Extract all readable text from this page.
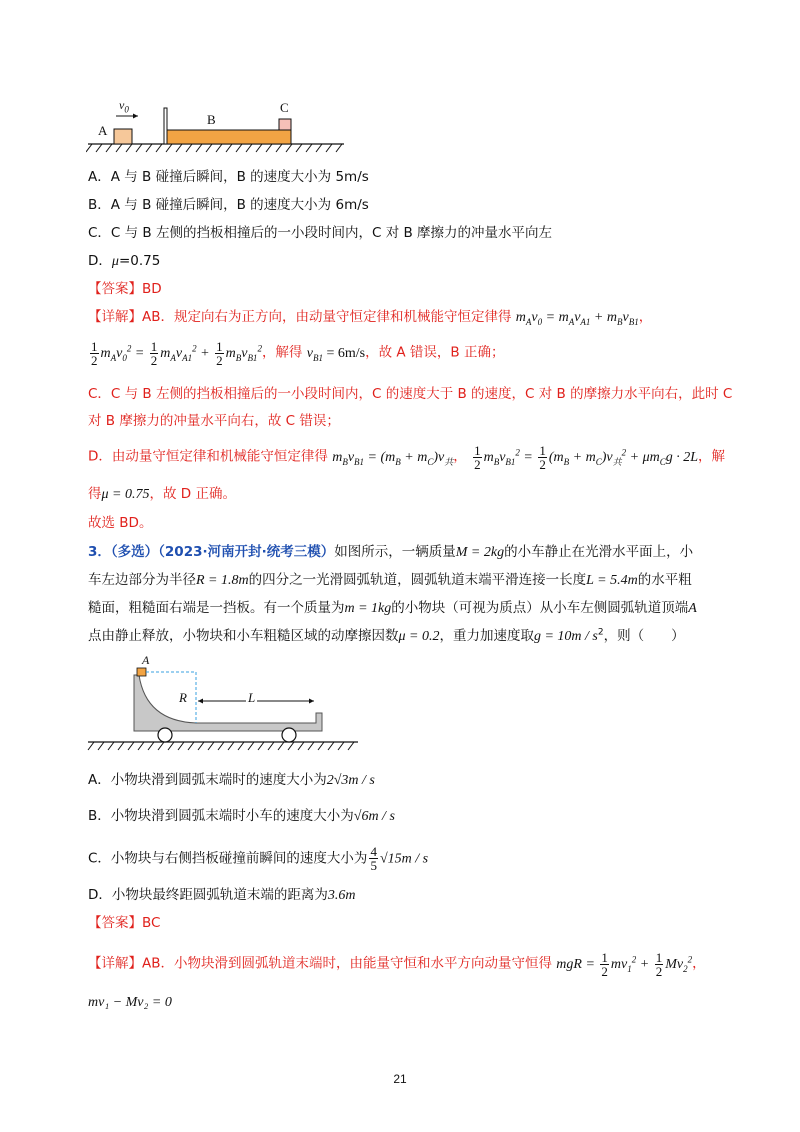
$v_0$
A
B
C
A．A 与 B 碰撞后瞬间，B 的速度大小为 5m/s
B．A 与 B 碰撞后瞬间，B 的速度大小为 6m/s
C．C 与 B 左侧的挡板相撞后的一小段时间内，C 对 B 摩擦力的冲量水平向左
D．μ=0.75
【答案】BD
【详解】AB．规定向右为正方向，由动量守恒定律和机械能守恒定律得 $m_Av_0 = m_Av_{A1} + m_Bv_{B1}$，
$\frac{1}{2} m_Av_0^2 = \frac{1}{2} m_Av_{A1}^2 + \frac{1}{2} m_Bv_{B1}^2$，解得 $v_{B1} = 6m/s$，故 A 错误，B 正确；
C．C 与 B 左侧的挡板相撞后的一小段时间内，C 的速度大于 B 的速度，C 对 B 的摩擦力水平向右，此时 C
对 B 摩擦力的冲量水平向右，故 C 错误；
D．由动量守恒定律和机械能守恒定律得 $m_Bv_{B1} = (m_B + m_C)v_共$， $\frac{1}{2} m_Bv_{B1}^2 = \frac{1}{2} (m_B + m_C)v_共^2 + \mu m_Cg \cdot 2L$，解
得μ = 0.75，故 D 正确。
故选 BD。
3．（多选）（2023·河南开封·统考三模）如图所示，一辆质量M = 2kg的小车静止在光滑水平面上，小
车左边部分为半径R = 1.8m的四分之一光滑圆弧轨道，圆弧轨道末端平滑连接一长度L = 5.4m的水平粗
糙面，粗糙面右端是一挡板。有一个质量为m = 1kg的小物块（可视为质点）从小车左侧圆弧轨道顶端A
点由静止释放，小物块和小车粗糙区域的动摩擦因数μ = 0.2，重力加速度取$g = 10m / s^2$，则（　　）
A
R	L
A．小物块滑到圆弧末端时的速度大小为2√3m / s
B．小物块滑到圆弧末端时小车的速度大小为√6m / s
C．小物块与右侧挡板碰撞前瞬间的速度大小为 $\frac{4}{5} √15m$ / s
D．小物块最终距圆弧轨道末端的距离为3.6m
【答案】BC
【详解】AB．小物块滑到圆弧轨道末端时，由能量守恒和水平方向动量守恒得 mgR = $\frac{1}{2} mv_1^2 + \frac{1}{2} Mv_2^2$，
mv₁ − Mv₂ = 0
21
